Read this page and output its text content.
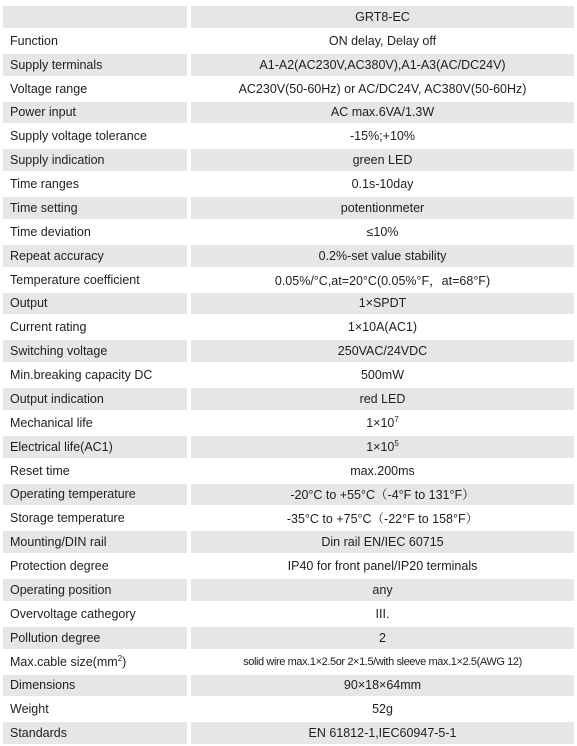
	GRT8-EC
Function	ON delay, Delay off
Supply terminals	A1-A2(AC230V,AC380V),A1-A3(AC/DC24V)
Voltage range	AC230V(50-60Hz) or AC/DC24V, AC380V(50-60Hz)
Power input	AC max.6VA/1.3W
Supply voltage tolerance	-15%;+10%
Supply indication	green LED
Time ranges	0.1s-10day
Time setting	potentionmeter
Time deviation	≤10%
Repeat accuracy	0.2%-set value stability
Temperature coefficient	0.05%/°C,at=20°C(0.05%°F，at=68°F)
Output	1×SPDT
Current rating	1×10A(AC1)
Switching voltage	250VAC/24VDC
Min.breaking capacity DC	500mW
Output indication	red LED
Mechanical life	$1\times 10^7$
Electrical life(AC1)	$1\times 10^5$
Reset time	max.200ms
Operating temperature	-20°C to +55°C（-4°F to 131°F）
Storage temperature	-35°C to +75°C（-22°F to 158°F）
Mounting/DIN rail	Din rail EN/IEC 60715
Protection degree	IP40 for front panel/IP20 terminals
Operating position	any
Overvoltage cathegory	III.
Pollution degree	2
Max.cable $size(mm^2)$	solid wire max.1×2.5or 2×1.5/with sleeve max.1×2.5(AWG 12)
Dimensions	90×18×64mm
Weight	52g
Standards	EN 61812-1,IEC60947-5-1
